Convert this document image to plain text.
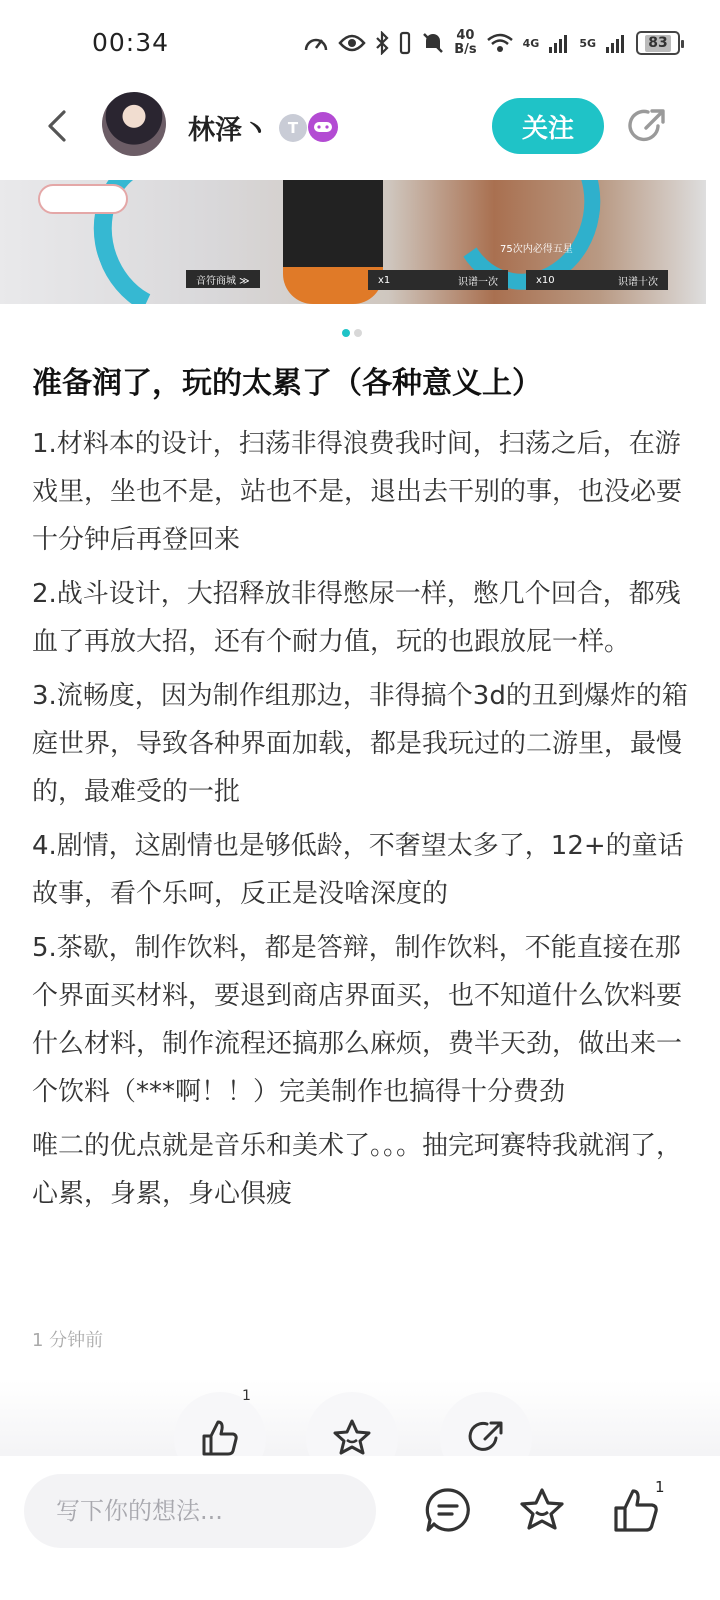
00:34	40
B/s	4G	5G	83
林泽丶	T	关注
75次内必得五星
音符商城 ≫	x1	识谱一次	x10	识谱十次
准备润了，玩的太累了（各种意义上）

1.材料本的设计，扫荡非得浪费我时间，扫荡之后，在游戏里，坐也不是，站也不是，退出去干别的事，也没必要十分钟后再登回来

2.战斗设计，大招释放非得憋尿一样，憋几个回合，都残血了再放大招，还有个耐力值，玩的也跟放屁一样。

3.流畅度，因为制作组那边，非得搞个3d的丑到爆炸的箱庭世界，导致各种界面加载，都是我玩过的二游里，最慢的，最难受的一批

4.剧情，这剧情也是够低龄，不奢望太多了，12+的童话故事，看个乐呵，反正是没啥深度的

5.茶歇，制作饮料，都是答辩，制作饮料，不能直接在那个界面买材料，要退到商店界面买，也不知道什么饮料要什么材料，制作流程还搞那么麻烦，费半天劲，做出来一个饮料（***啊！！）完美制作也搞得十分费劲

唯二的优点就是音乐和美术了。。。抽完珂赛特我就润了，心累，身累，身心俱疲

1 分钟前
1
写下你的想法...
1
